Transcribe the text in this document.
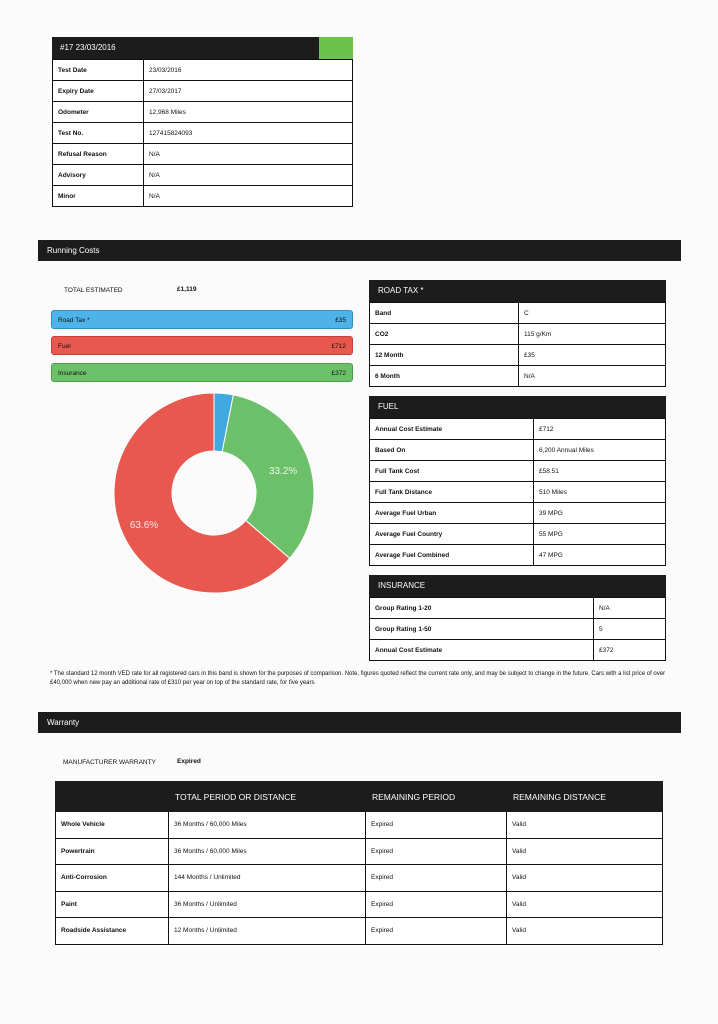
#17 23/03/2016
Test Date	23/03/2016
Expiry Date	27/03/2017
Odometer	12,968 Miles
Test No.	127415824093
Refusal Reason	N/A
Advisory	N/A
Minor	N/A
Running Costs
TOTAL ESTIMATED	£1,119
Road Tax *	£35
Fuel	£712
Insurance	£372
33.2%
63.6%
ROAD TAX *
Band	C
CO2	115 g/Km
12 Month	£35
6 Month	N/A
FUEL
Annual Cost Estimate	£712
Based On	6,200 Annual Miles
Full Tank Cost	£58.51
Full Tank Distance	510 Miles
Average Fuel Urban	39 MPG
Average Fuel Country	55 MPG
Average Fuel Combined	47 MPG
INSURANCE
Group Rating 1-20	N/A
Group Rating 1-50	5
Annual Cost Estimate	£372
* The standard 12 month VED rate for all registered cars in this band is shown for the purposes of comparison. Note, figures quoted reflect the current rate only, and may be subject to change in the future. Cars with a list price of over £40,000 when new pay an additional rate of £310 per year on top of the standard rate, for five years
Warranty
MANUFACTURER WARRANTY	Expired
	TOTAL PERIOD OR DISTANCE	REMAINING PERIOD	REMAINING DISTANCE
Whole Vehicle	36 Months / 60,000 Miles	Expired	Valid
Powertrain	36 Months / 60,000 Miles	Expired	Valid
Anti-Corrosion	144 Months / Unlimited	Expired	Valid
Paint	36 Months / Unlimited	Expired	Valid
Roadside Assistance	12 Months / Unlimited	Expired	Valid
